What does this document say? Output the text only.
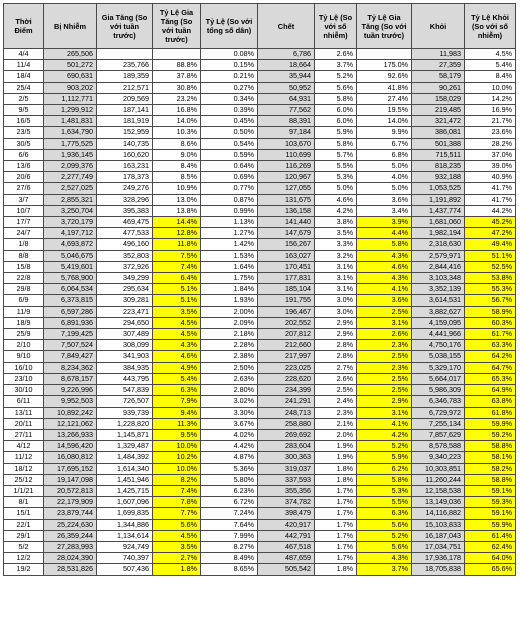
Thời Điểm	Bị Nhiễm	Gia Tăng (So với tuần trước)	Tỷ Lệ Gia Tăng (So với tuần trước)	Tỷ Lệ (So với tổng số dân)	Chết	Tỷ Lệ (So với số nhiễm)	Tỷ Lệ Gia Tăng (So với tuần trước)	Khỏi	Tỷ Lệ Khỏi (So với số nhiễm)
4/4	265,506			0.08%	6,786	2.6%		11,983	4.5%
11/4	501,272	235,766	88.8%	0.15%	18,664	3.7%	175.0%	27,359	5.4%
18/4	690,631	189,359	37.8%	0.21%	35,944	5.2%	92.6%	58,179	8.4%
25/4	903,202	212,571	30.8%	0.27%	50,952	5.6%	41.8%	90,261	10.0%
2/5	1,112,771	209,569	23.2%	0.34%	64,931	5.8%	27.4%	158,029	14.2%
9/5	1,299,912	187,141	16.8%	0.39%	77,562	6.0%	19.5%	219,485	16.9%
16/5	1,481,831	181,919	14.0%	0.45%	88,391	6.0%	14.0%	321,472	21.7%
23/5	1,634,790	152,959	10.3%	0.50%	97,184	5.9%	9.9%	386,081	23.6%
30/5	1,775,525	140,735	8.6%	0.54%	103,670	5.8%	6.7%	501,388	28.2%
6/6	1,936,145	160,620	9.0%	0.59%	110,699	5.7%	6.8%	715,511	37.0%
13/6	2,099,376	163,231	8.4%	0.64%	116,269	5.5%	5.0%	818,235	39.0%
20/6	2,277,749	178,373	8.5%	0.69%	120,967	5.3%	4.0%	932,188	40.9%
27/6	2,527,025	249,276	10.9%	0.77%	127,055	5.0%	5.0%	1,053,525	41.7%
3/7	2,855,321	328,296	13.0%	0.87%	131,675	4.6%	3.6%	1,191,892	41.7%
10/7	3,250,704	395,383	13.8%	0.99%	136,158	4.2%	3.4%	1,437,774	44.2%
17/7	3,720,179	469,475	14.4%	1.13%	141,440	3.8%	3.9%	1,681,060	45.2%
24/7	4,197,712	477,533	12.8%	1.27%	147,679	3.5%	4.4%	1,982,194	47.2%
1/8	4,693,872	496,160	11.8%	1.42%	156,267	3.3%	5.8%	2,318,630	49.4%
8/8	5,046,675	352,803	7.5%	1.53%	163,027	3.2%	4.3%	2,579,971	51.1%
15/8	5,419,601	372,926	7.4%	1.64%	170,451	3.1%	4.6%	2,844,416	52.5%
22/8	5,768,900	349,299	6.4%	1.75%	177,831	3.1%	4.3%	3,103,348	53.8%
29/8	6,064,534	295,634	5.1%	1.84%	185,104	3.1%	4.1%	3,352,139	55.3%
6/9	6,373,815	309,281	5.1%	1.93%	191,755	3.0%	3.6%	3,614,531	56.7%
11/9	6,597,286	223,471	3.5%	2.00%	196,467	3.0%	2.5%	3,882,627	58.9%
18/9	6,891,936	294,650	4.5%	2.09%	202,552	2.9%	3.1%	4,159,095	60.3%
25/9	7,199,425	307,489	4.5%	2.18%	207,812	2.9%	2.6%	4,441,966	61.7%
2/10	7,507,524	308,099	4.3%	2.28%	212,660	2.8%	2.3%	4,750,176	63.3%
9/10	7,849,427	341,903	4.6%	2.38%	217,997	2.8%	2.5%	5,038,155	64.2%
16/10	8,234,362	384,935	4.9%	2.50%	223,025	2.7%	2.3%	5,329,170	64.7%
23/10	8,678,157	443,795	5.4%	2.63%	228,620	2.6%	2.5%	5,664,017	65.3%
30/10	9,226,996	547,839	6.3%	2.80%	234,399	2.5%	2.5%	5,986,309	64.9%
6/11	9,952,503	726,507	7.9%	3.02%	241,291	2.4%	2.9%	6,346,783	63.8%
13/11	10,892,242	939,739	9.4%	3.30%	248,713	2.3%	3.1%	6,729,972	61.8%
20/11	12,121,062	1,228,820	11.3%	3.67%	258,880	2.1%	4.1%	7,255,134	59.9%
27/11	13,266,933	1,145,871	9.5%	4.02%	269,692	2.0%	4.2%	7,857,629	59.2%
4/12	14,596,420	1,329,487	10.0%	4.42%	283,604	1.9%	5.2%	8,578,588	58.8%
11/12	16,080,812	1,484,392	10.2%	4.87%	300,363	1.9%	5.9%	9,340,223	58.1%
18/12	17,695,152	1,614,340	10.0%	5.36%	319,037	1.8%	6.2%	10,303,851	58.2%
25/12	19,147,098	1,451,946	8.2%	5.80%	337,593	1.8%	5.8%	11,260,244	58.8%
1/1/21	20,572,813	1,425,715	7.4%	6.23%	355,356	1.7%	5.3%	12,158,538	59.1%
8/1	22,179,909	1,607,096	7.8%	6.72%	374,782	1.7%	5.5%	13,149,036	59.3%
15/1	23,879,744	1,699,835	7.7%	7.24%	398,479	1.7%	6.3%	14,116,882	59.1%
22/1	25,224,630	1,344,886	5.6%	7.64%	420,917	1.7%	5.6%	15,103,833	59.9%
29/1	26,359,244	1,134,614	4.5%	7.99%	442,791	1.7%	5.2%	16,187,043	61.4%
5/2	27,283,993	924,749	3.5%	8.27%	467,518	1.7%	5.6%	17,034,751	62.4%
12/2	28,024,390	740,397	2.7%	8.49%	487,659	1.7%	4.3%	17,936,178	64.0%
19/2	28,531,826	507,436	1.8%	8.65%	505,542	1.8%	3.7%	18,705,838	65.6%
